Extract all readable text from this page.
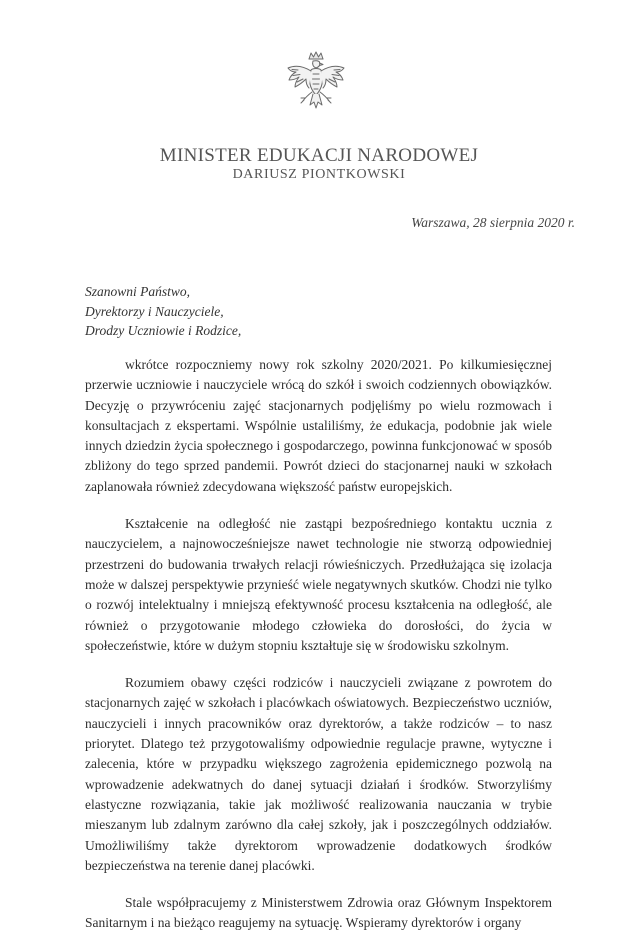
MINISTER EDUKACJI NARODOWEJ
DARIUSZ PIONTKOWSKI
Warszawa, 28 sierpnia 2020 r.
Szanowni Państwo,
Dyrektorzy i Nauczyciele,
Drodzy Uczniowie i Rodzice,

wkrótce rozpoczniemy nowy rok szkolny 2020/2021. Po kilkumiesięcznej przerwie uczniowie i nauczyciele wrócą do szkół i swoich codziennych obowiązków. Decyzję o przywróceniu zajęć stacjonarnych podjęliśmy po wielu rozmowach i konsultacjach z ekspertami. Wspólnie ustaliliśmy, że edukacja, podobnie jak wiele innych dziedzin życia społecznego i gospodarczego, powinna funkcjonować w sposób zbliżony do tego sprzed pandemii. Powrót dzieci do stacjonarnej nauki w szkołach zaplanowała również zdecydowana większość państw europejskich.

Kształcenie na odległość nie zastąpi bezpośredniego kontaktu ucznia z nauczycielem, a najnowocześniejsze nawet technologie nie stworzą odpowiedniej przestrzeni do budowania trwałych relacji rówieśniczych. Przedłużająca się izolacja może w dalszej perspektywie przynieść wiele negatywnych skutków. Chodzi nie tylko o rozwój intelektualny i mniejszą efektywność procesu kształcenia na odległość, ale również o przygotowanie młodego człowieka do dorosłości, do życia w społeczeństwie, które w dużym stopniu kształtuje się w środowisku szkolnym.

Rozumiem obawy części rodziców i nauczycieli związane z powrotem do stacjonarnych zajęć w szkołach i placówkach oświatowych. Bezpieczeństwo uczniów, nauczycieli i innych pracowników oraz dyrektorów, a także rodziców – to nasz priorytet. Dlatego też przygotowaliśmy odpowiednie regulacje prawne, wytyczne i zalecenia, które w przypadku większego zagrożenia epidemicznego pozwolą na wprowadzenie adekwatnych do danej sytuacji działań i środków. Stworzyliśmy elastyczne rozwiązania, takie jak możliwość realizowania nauczania w trybie mieszanym lub zdalnym zarówno dla całej szkoły, jak i poszczególnych oddziałów. Umożliwiliśmy także dyrektorom wprowadzenie dodatkowych środków bezpieczeństwa na terenie danej placówki.

Stale współpracujemy z Ministerstwem Zdrowia oraz Głównym Inspektorem Sanitarnym i na bieżąco reagujemy na sytuację. Wspieramy dyrektorów i organy
